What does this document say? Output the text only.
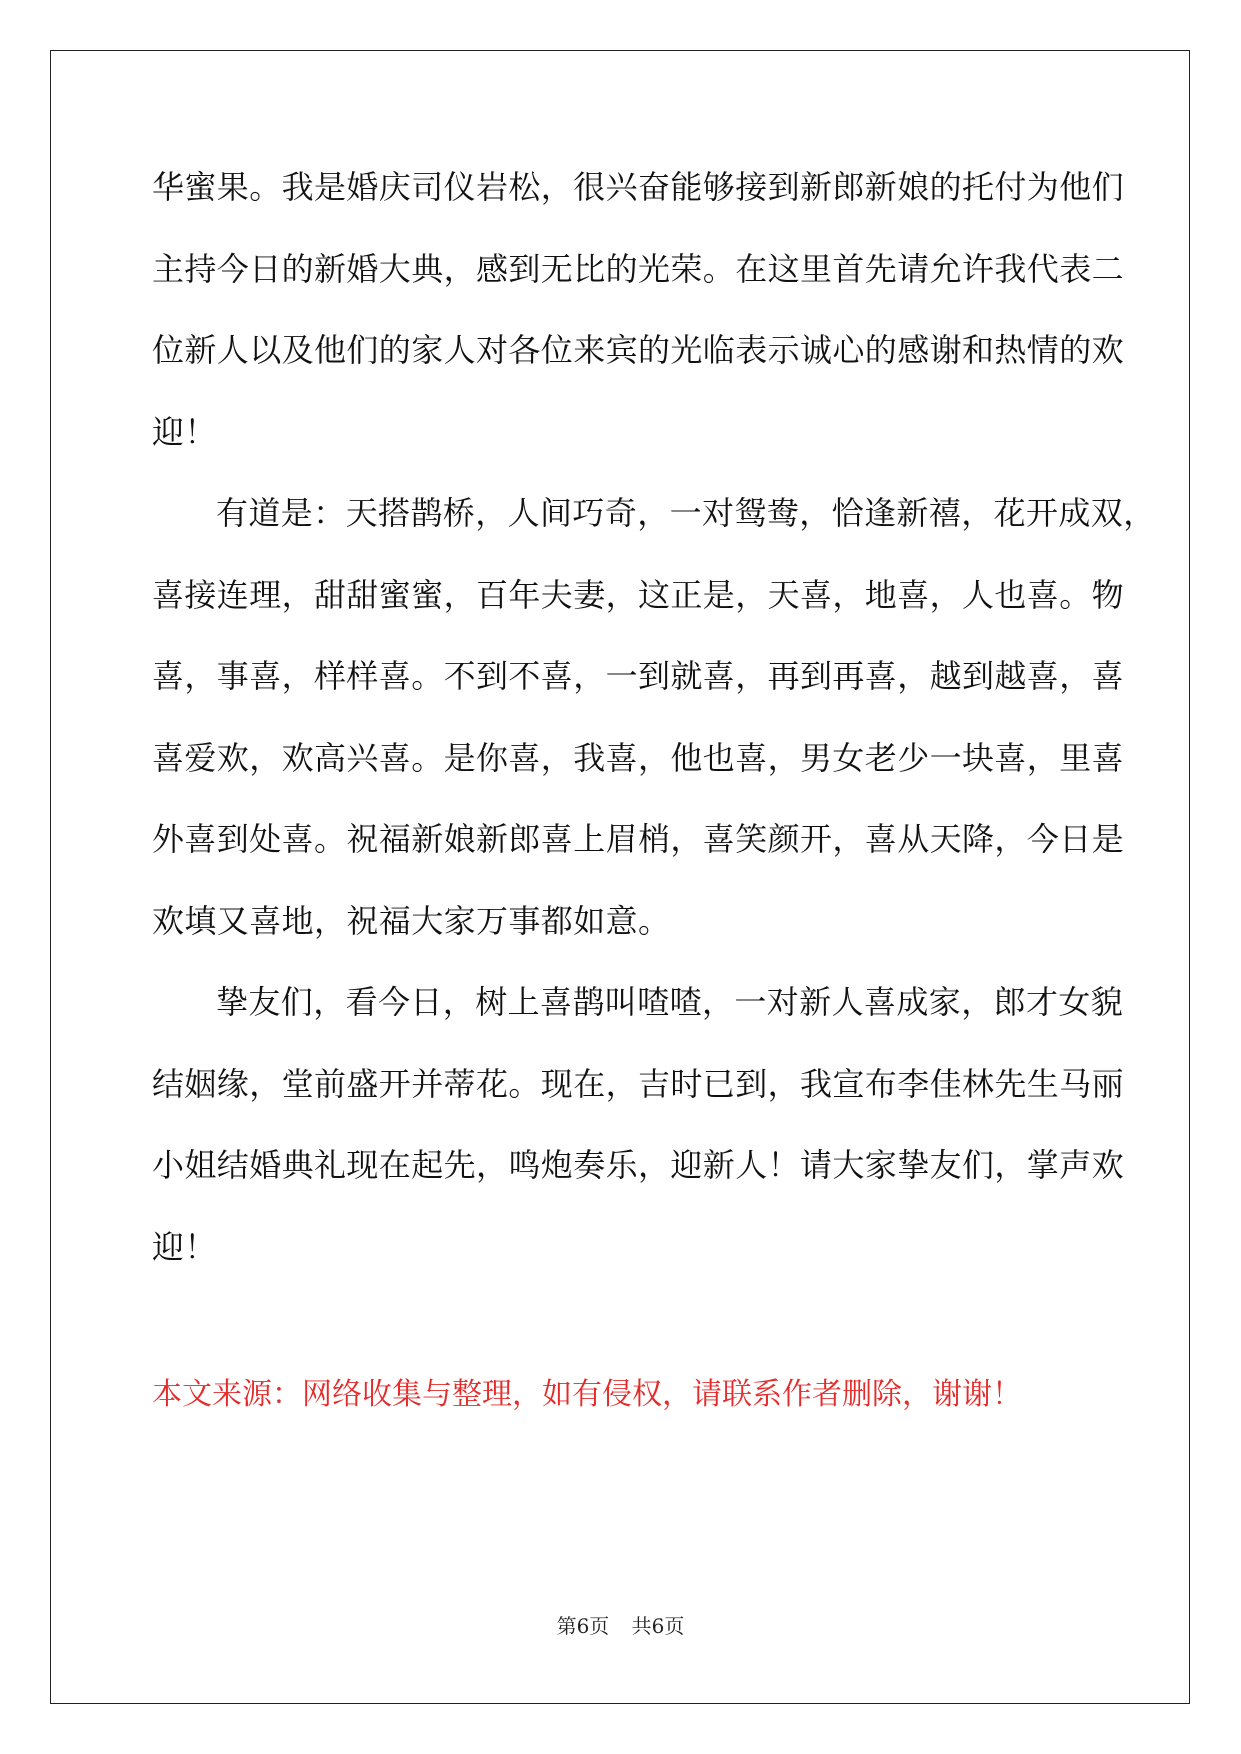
华蜜果。我是婚庆司仪岩松，很兴奋能够接到新郎新娘的托付为他们
主持今日的新婚大典，感到无比的光荣。在这里首先请允许我代表二
位新人以及他们的家人对各位来宾的光临表示诚心的感谢和热情的欢
迎！
有道是：天搭鹊桥，人间巧奇，一对鸳鸯，恰逢新禧，花开成双，
喜接连理，甜甜蜜蜜，百年夫妻，这正是，天喜，地喜，人也喜。物
喜，事喜，样样喜。不到不喜，一到就喜，再到再喜，越到越喜，喜
喜爱欢，欢高兴喜。是你喜，我喜，他也喜，男女老少一块喜，里喜
外喜到处喜。祝福新娘新郎喜上眉梢，喜笑颜开，喜从天降，今日是
欢填又喜地，祝福大家万事都如意。
挚友们，看今日，树上喜鹊叫喳喳，一对新人喜成家，郎才女貌
结姻缘，堂前盛开并蒂花。现在，吉时已到，我宣布李佳林先生马丽
小姐结婚典礼现在起先，鸣炮奏乐，迎新人！请大家挚友们，掌声欢
迎！
本文来源：网络收集与整理，如有侵权，请联系作者删除，谢谢！
第6页 共6页
